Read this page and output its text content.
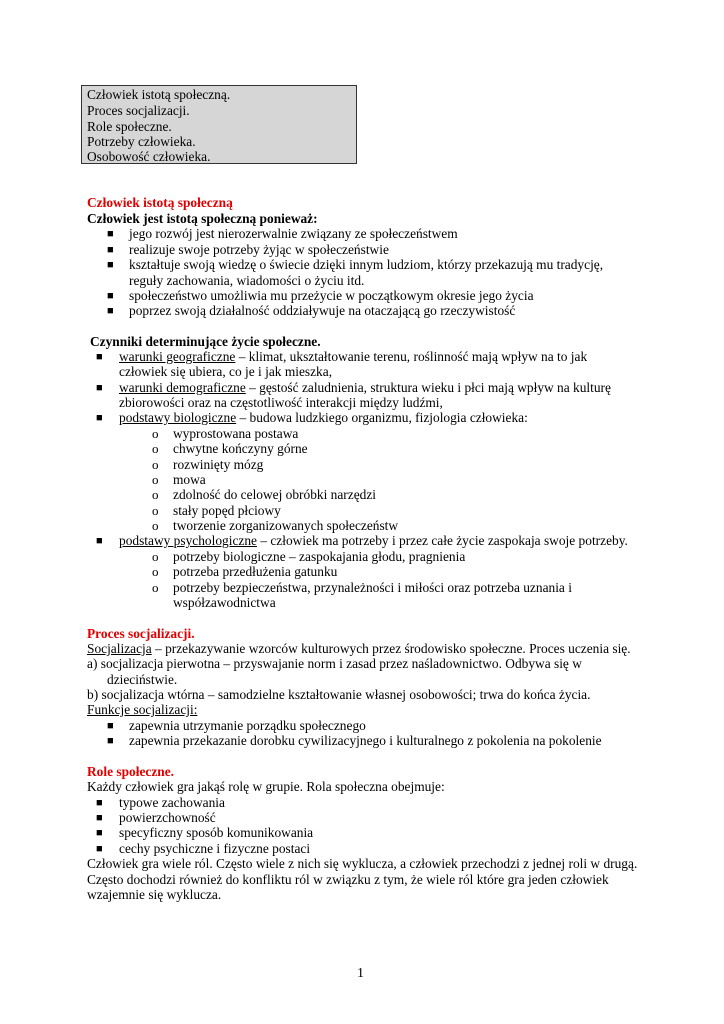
Człowiek istotą społeczną.
Proces socjalizacji.
Role społeczne.
Potrzeby człowieka.
Osobowość człowieka.
Człowiek istotą społeczną
Człowiek jest istotą społeczną ponieważ:
■ jego rozwój jest nierozerwalnie związany ze społeczeństwem
■ realizuje swoje potrzeby żyjąc w społeczeństwie
■ kształtuje swoją wiedzę o świecie dzięki innym ludziom, którzy przekazują mu tradycję,
reguły zachowania, wiadomości o życiu itd.
■ społeczeństwo umożliwia mu przeżycie w początkowym okresie jego życia
■ poprzez swoją działalność oddziaływuje na otaczającą go rzeczywistość
Czynniki determinujące życie społeczne.
■ warunki geograficzne – klimat, ukształtowanie terenu, roślinność mają wpływ na to jak
człowiek się ubiera, co je i jak mieszka,
■ warunki demograficzne – gęstość zaludnienia, struktura wieku i płci mają wpływ na kulturę
zbiorowości oraz na częstotliwość interakcji między ludźmi,
■ podstawy biologiczne – budowa ludzkiego organizmu, fizjologia człowieka:
o wyprostowana postawa
o chwytne kończyny górne
o rozwinięty mózg
o mowa
o zdolność do celowej obróbki narzędzi
o stały popęd płciowy
o tworzenie zorganizowanych społeczeństw
■ podstawy psychologiczne – człowiek ma potrzeby i przez całe życie zaspokaja swoje potrzeby.
o potrzeby biologiczne – zaspokajania głodu, pragnienia
o potrzeba przedłużenia gatunku
o potrzeby bezpieczeństwa, przynależności i miłości oraz potrzeba uznania i
współzawodnictwa
Proces socjalizacji.
Socjalizacja – przekazywanie wzorców kulturowych przez środowisko społeczne. Proces uczenia się.
a) socjalizacja pierwotna – przyswajanie norm i zasad przez naśladownictwo. Odbywa się w
dzieciństwie.
b) socjalizacja wtórna – samodzielne kształtowanie własnej osobowości; trwa do końca życia.
Funkcje socjalizacji:
■ zapewnia utrzymanie porządku społecznego
■ zapewnia przekazanie dorobku cywilizacyjnego i kulturalnego z pokolenia na pokolenie
Role społeczne.
Każdy człowiek gra jakąś rolę w grupie. Rola społeczna obejmuje:
■ typowe zachowania
■ powierzchowność
■ specyficzny sposób komunikowania
■ cechy psychiczne i fizyczne postaci
Człowiek gra wiele ról. Często wiele z nich się wyklucza, a człowiek przechodzi z jednej roli w drugą.
Często dochodzi również do konfliktu ról w związku z tym, że wiele ról które gra jeden człowiek
wzajemnie się wyklucza.
1
